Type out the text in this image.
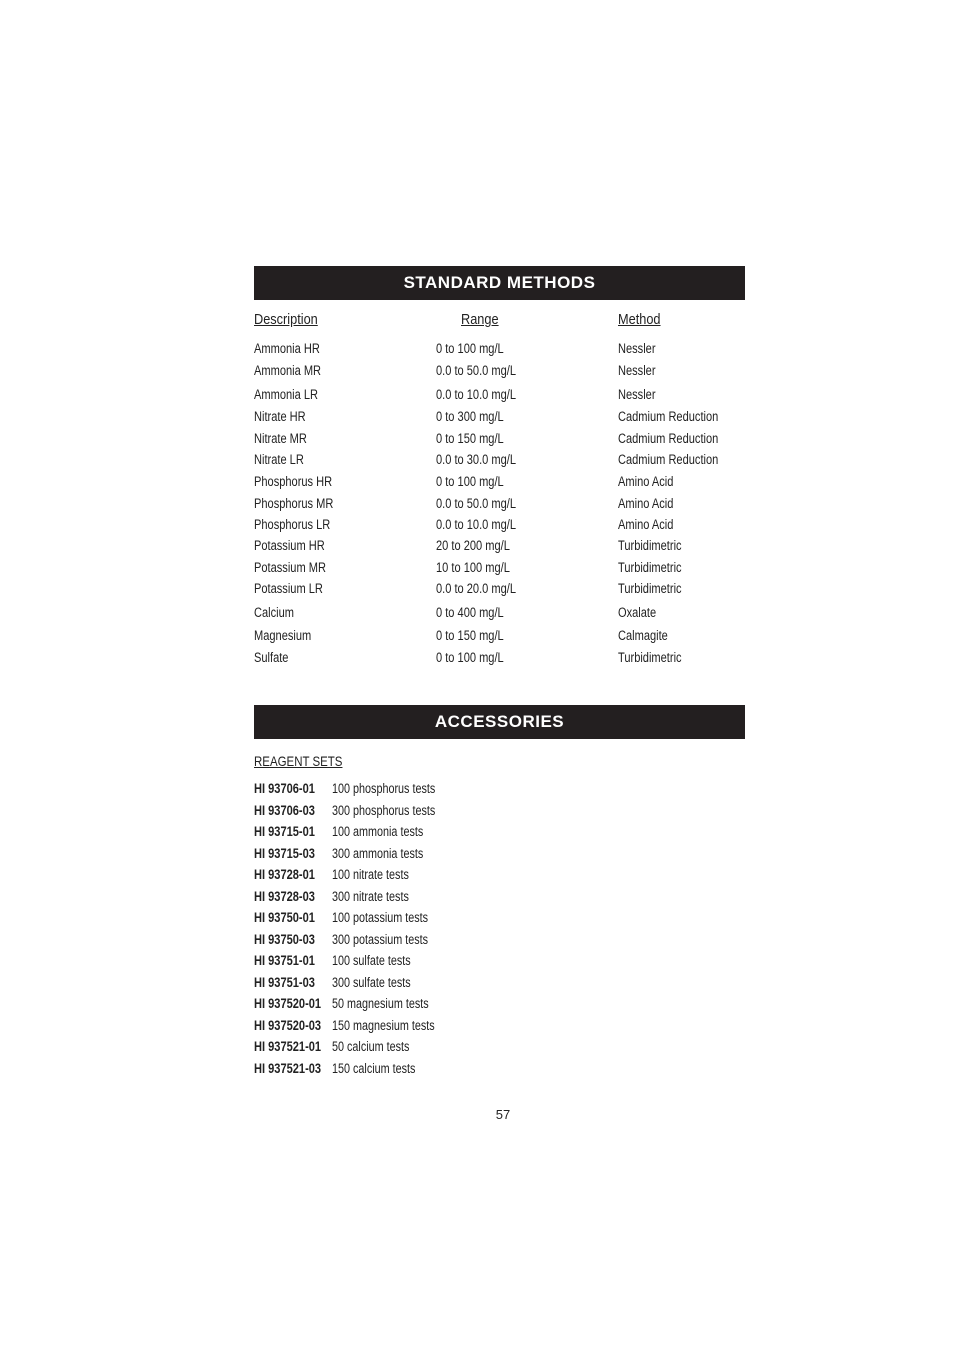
STANDARD METHODS
Description	Range	Method
Ammonia HR	0 to 100 mg/L	Nessler
Ammonia MR	0.0 to 50.0 mg/L	Nessler
Ammonia LR	0.0 to 10.0 mg/L	Nessler
Nitrate HR	0 to 300 mg/L	Cadmium Reduction
Nitrate MR	0 to 150 mg/L	Cadmium Reduction
Nitrate LR	0.0 to 30.0 mg/L	Cadmium Reduction
Phosphorus HR	0 to 100 mg/L	Amino Acid
Phosphorus MR	0.0 to 50.0 mg/L	Amino Acid
Phosphorus LR	0.0 to 10.0 mg/L	Amino Acid
Potassium HR	20 to 200 mg/L	Turbidimetric
Potassium MR	10 to 100 mg/L	Turbidimetric
Potassium LR	0.0 to 20.0 mg/L	Turbidimetric
Calcium	0 to 400 mg/L	Oxalate
Magnesium	0 to 150 mg/L	Calmagite
Sulfate	0 to 100 mg/L	Turbidimetric
ACCESSORIES
REAGENT SETS
HI 93706-01 100 phosphorus tests
HI 93706-03 300 phosphorus tests
HI 93715-01 100 ammonia tests
HI 93715-03 300 ammonia tests
HI 93728-01 100 nitrate tests
HI 93728-03 300 nitrate tests
HI 93750-01 100 potassium tests
HI 93750-03 300 potassium tests
HI 93751-01 100 sulfate tests
HI 93751-03 300 sulfate tests
HI 937520-01 50 magnesium tests
HI 937520-03 150 magnesium tests
HI 937521-01 50 calcium tests
HI 937521-03 150 calcium tests
57
